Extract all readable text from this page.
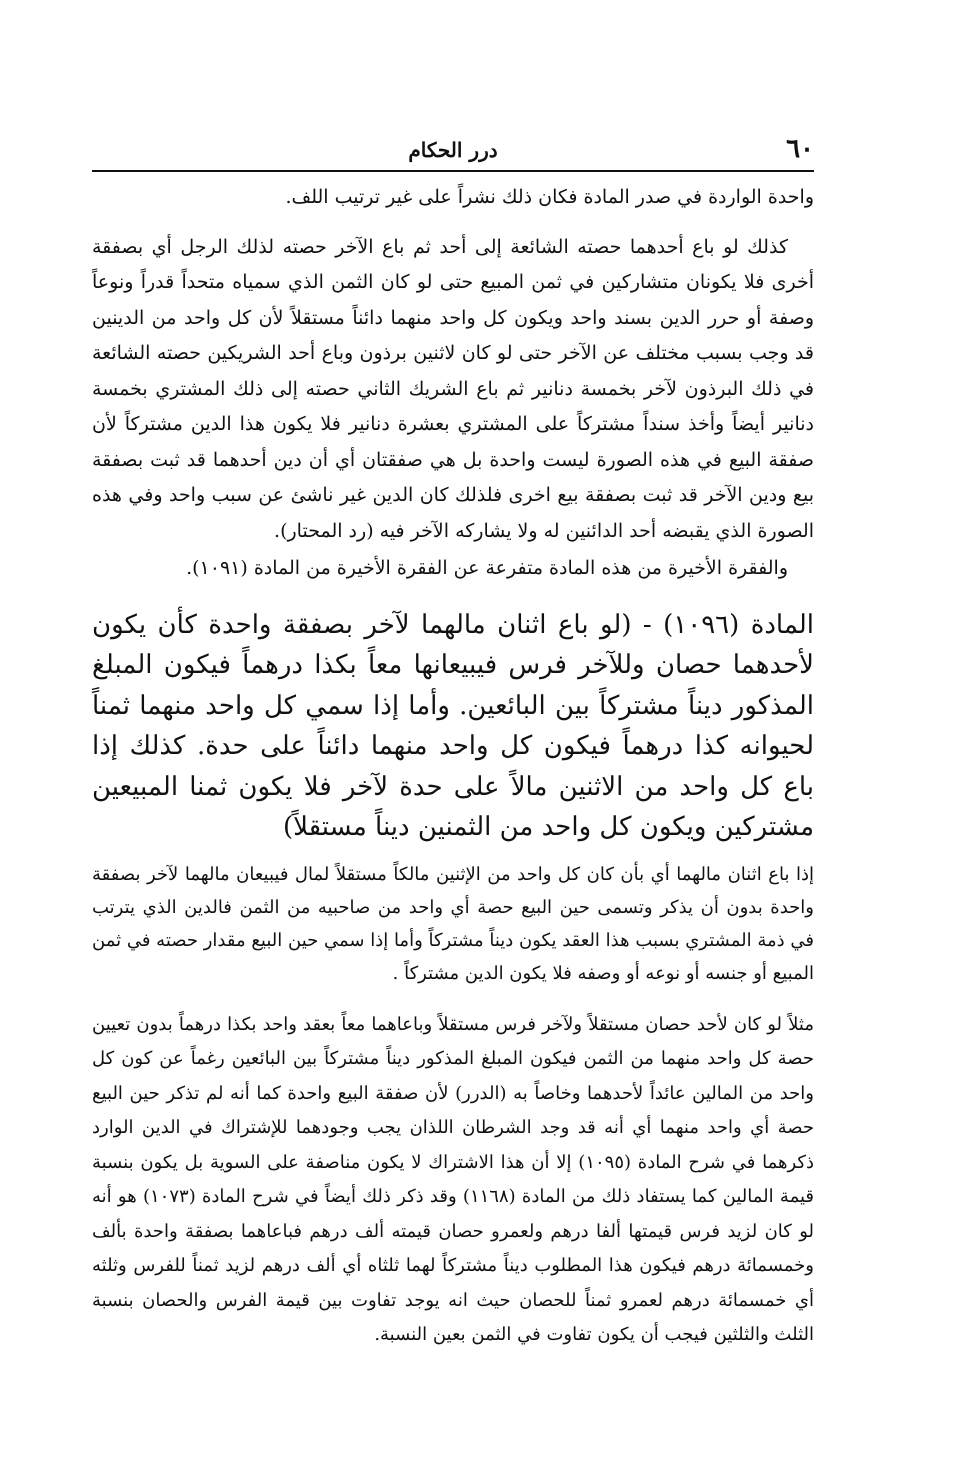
٦٠
درر الحكام

واحدة الواردة في صدر المادة فكان ذلك نشراً على غير ترتيب اللف.

كذلك لو باع أحدهما حصته الشائعة إلى أحد ثم باع الآخر حصته لذلك الرجل أي بصفقة أخرى فلا يكونان متشاركين في ثمن المبيع حتى لو كان الثمن الذي سمياه متحداً قدراً ونوعاً وصفة أو حرر الدين بسند واحد ويكون كل واحد منهما دائناً مستقلاً لأن كل واحد من الدينين قد وجب بسبب مختلف عن الآخر حتى لو كان لاثنين برذون وباع أحد الشريكين حصته الشائعة في ذلك البرذون لآخر بخمسة دنانير ثم باع الشريك الثاني حصته إلى ذلك المشتري بخمسة دنانير أيضاً وأخذ سنداً مشتركاً على المشتري بعشرة دنانير فلا يكون هذا الدين مشتركاً لأن صفقة البيع في هذه الصورة ليست واحدة بل هي صفقتان أي أن دين أحدهما قد ثبت بصفقة بيع ودين الآخر قد ثبت بصفقة بيع اخرى فلذلك كان الدين غير ناشئ عن سبب واحد وفي هذه الصورة الذي يقبضه أحد الدائنين له ولا يشاركه الآخر فيه (رد المحتار).

والفقرة الأخيرة من هذه المادة متفرعة عن الفقرة الأخيرة من المادة (١٠٩١).

المادة (١٠٩٦) - (لو باع اثنان مالهما لآخر بصفقة واحدة كأن يكون لأحدهما حصان وللآخر فرس فيبيعانها معاً بكذا درهماً فيكون المبلغ المذكور ديناً مشتركاً بين البائعين. وأما إذا سمي كل واحد منهما ثمناً لحيوانه كذا درهماً فيكون كل واحد منهما دائناً على حدة. كذلك إذا باع كل واحد من الاثنين مالاً على حدة لآخر فلا يكون ثمنا المبيعين مشتركين ويكون كل واحد من الثمنين ديناً مستقلاً)

إذا باع اثنان مالهما أي بأن كان كل واحد من الإثنين مالكاً مستقلاً لمال فيبيعان مالهما لآخر بصفقة واحدة بدون أن يذكر وتسمى حين البيع حصة أي واحد من صاحبيه من الثمن فالدين الذي يترتب في ذمة المشتري بسبب هذا العقد يكون ديناً مشتركاً وأما إذا سمي حين البيع مقدار حصته في ثمن المبيع أو جنسه أو نوعه أو وصفه فلا يكون الدين مشتركاً .

مثلاً لو كان لأحد حصان مستقلاً ولآخر فرس مستقلاً وباعاهما معاً بعقد واحد بكذا درهماً بدون تعيين حصة كل واحد منهما من الثمن فيكون المبلغ المذكور ديناً مشتركاً بين البائعين رغماً عن كون كل واحد من المالين عائداً لأحدهما وخاصاً به (الدرر) لأن صفقة البيع واحدة كما أنه لم تذكر حين البيع حصة أي واحد منهما أي أنه قد وجد الشرطان اللذان يجب وجودهما للإشتراك في الدين الوارد ذكرهما في شرح المادة (١٠٩٥) إلا أن هذا الاشتراك لا يكون مناصفة على السوية بل يكون بنسبة قيمة المالين كما يستفاد ذلك من المادة (١١٦٨) وقد ذكر ذلك أيضاً في شرح المادة (١٠٧٣) هو أنه لو كان لزيد فرس قيمتها ألفا درهم ولعمرو حصان قيمته ألف درهم فباعاهما بصفقة واحدة بألف وخمسمائة درهم فيكون هذا المطلوب ديناً مشتركاً لهما ثلثاه أي ألف درهم لزيد ثمناً للفرس وثلثه أي خمسمائة درهم لعمرو ثمناً للحصان حيث انه يوجد تفاوت بين قيمة الفرس والحصان بنسبة الثلث والثلثين فيجب أن يكون تفاوت في الثمن بعين النسبة.
